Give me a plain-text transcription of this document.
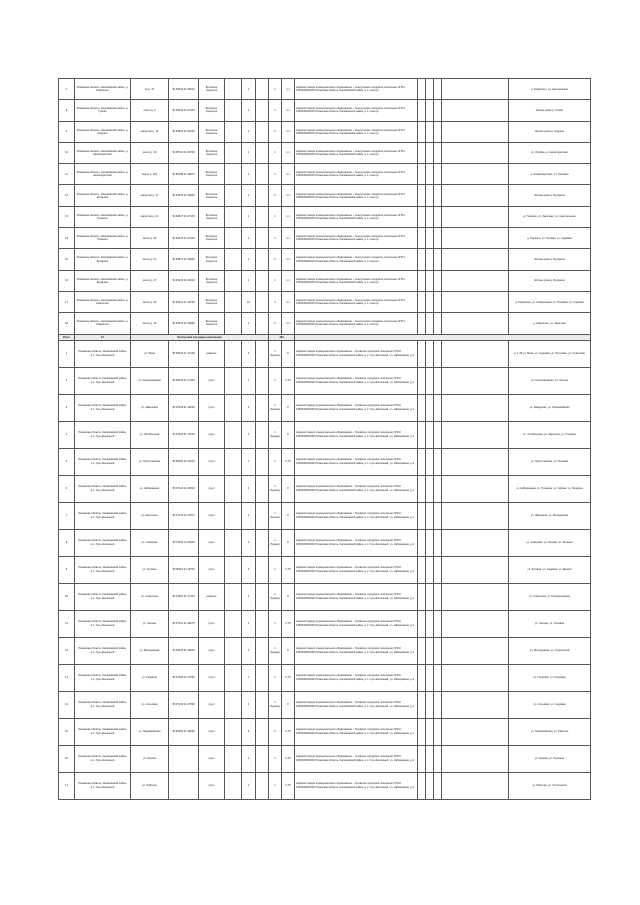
7	Рязанская область, Касимовский район, д. Ковригино	за д. 76	54.93436 41.39912	Бетонное покрытие		1		2	1,1	Администрация муниципального образования – Сынтульское городское поселение ОГРН 1056206000215 Рязанская область, Касимовский район, р.п. Сынтул					д. Ковригино, ул. Центральная
8	Рязанская область, Касимовский район, д. Гусево	около д. 5	54.93943 41.37444	Бетонное покрытие		1		1	1,1	Администрация муниципального образования – Сынтульское городское поселение ОГРН 1056206000215 Рязанская область, Касимовский район, р.п. Сынтул					Жилые дома д. Гусево
9	Рязанская область, Касимовский район, д. Кудрино	напротив д. 14	54.93993 41.30140	Бетонное покрытие		1		1	1,1	Администрация муниципального образования – Сынтульское городское поселение ОГРН 1056206000215 Рязанская область, Касимовский район, р.п. Сынтул					Жилые дома д. Кудрино
10	Рязанская область, Касимовский район, д. Анемподистово	около д. 10	54.95722 41.33706	Бетонное покрытие		1		1	1,1	Администрация муниципального образования – Сынтульское городское поселение ОГРН 1056206000215 Рязанская область, Касимовский район, р.п. Сынтул					ул. Луговая, д. Анемподистово
11	Рязанская область, Касимовский район, д. Анемподистово	около д. 115	54.95788 41.29874	Бетонное покрытие		1		1	1,1	Администрация муниципального образования – Сынтульское городское поселение ОГРН 1056206000215 Рязанская область, Касимовский район, р.п. Сынтул					д. Анемподистово, ул. Полевая
12	Рязанская область, Касимовский район, д. Бухарино	напротив д. 17	54.94093 41.29905	Бетонное покрытие		1		1	1,1	Администрация муниципального образования – Сынтульское городское поселение ОГРН 1056206000215 Рязанская область, Касимовский район, р.п. Сынтул					Жилые дома д. Бухарино
13	Рязанская область, Касимовский район, д. Перкино	напротив д. 21	54.93627 41.27105	Бетонное покрытие		1		1	1,1	Администрация муниципального образования – Сынтульское городское поселение ОГРН 1056206000215 Рязанская область, Касимовский район, р.п. Сынтул					д. Перкино, ул. Заречная, ул. Центральная
14	Рязанская область, Касимовский район, д. Перкино	около д. 28	54.93425 41.27040	Бетонное покрытие		1		1	1,1	Администрация муниципального образования – Сынтульское городское поселение ОГРН 1056206000215 Рязанская область, Касимовский район, р.п. Сынтул					д. Перкино, ул. Луговая, ул. Садовая
15	Рязанская область, Касимовский район, д. Бухарино	около д. 21	54.95874 41.30046	Бетонное покрытие		1		1	1,1	Администрация муниципального образования – Сынтульское городское поселение ОГРН 1056206000215 Рязанская область, Касимовский район, р.п. Сынтул					Жилые дома д. Бухарино
16	Рязанская область, Касимовский район, д. Бухарино	около д. 27	54.93240 41.30440	Бетонное покрытие		1		1	1,1	Администрация муниципального образования – Сынтульское городское поселение ОГРН 1056206000215 Рязанская область, Касимовский район, р.п. Сынтул					Жилые дома д. Бухарино
17	Рязанская область, Касимовский район, д. Ковригино	около д. 20	54.93412 41.29790	Бетонное покрытие		12		4	1,1	Администрация муниципального образования – Сынтульское городское поселение ОГРН 1056206000215 Рязанская область, Касимовский район, р.п. Сынтул					д. Ковригино, ул. Набережная, ул. Полевая, ул. Садовая
18	Рязанская область, Касимовский район, д. Ковригино	около д. 16	54.93433 41.29936	Бетонное покрытие		1		2	1,1	Администрация муниципального образования – Сынтульское городское поселение ОГРН 1056206000215 Рязанская область, Касимовский район, р.п. Сынтул					д. Ковригино, ул. Заречная
Итого	12	Реестровая площадка накопления						160							
1	Рязанская область, Касимовский район, р.п. Гусь-Железный	ул. Мира	55.06433 41.17108	асфальт		4		1 (бункер)	8	Администрация муниципального образования – Гусевское городское поселение ОГРН 1056206000246 Рязанская область, Касимовский район, р.п. Гусь-Железный, ул. Набережная, д.1					д. 1-49 ул. Мира, ул. Садовая, ул. Почтовая, ул. Советская
2	Рязанская область, Касимовский район, р.п. Гусь-Железный	ул. Кооперативная	55.06542 41.17444	грунт		1		1	0,75	Администрация муниципального образования – Гусевское городское поселение ОГРН 1056206000246 Рязанская область, Касимовский район, р.п. Гусь-Железный, ул. Набережная, д.1					ул. Кооперативная, ул. Лесная
3	Рязанская область, Касимовский район, р.п. Гусь-Железный	ул. Заводская	55.07218 41.18226	грунт		4		1 (бункер)	8	Администрация муниципального образования – Гусевское городское поселение ОГРН 1056206000246 Рязанская область, Касимовский район, р.п. Гусь-Железный, ул. Набережная, д.1					ул. Заводская, ул. Первомайская
4	Рязанская область, Касимовский район, р.п. Гусь-Железный	ул. Октябрьская	55.07206 41.17615	грунт		4		1 (бункер)	8	Администрация муниципального образования – Гусевское городское поселение ОГРН 1056206000246 Рязанская область, Касимовский район, р.п. Гусь-Железный, ул. Набережная, д.1					ул. Октябрьская, ул. Заречная, ул. Полевая
5	Рязанская область, Касимовский район, р.п. Гусь-Железный	ул. Пролетарская	55.06650 41.16414	грунт		1		1	0,75	Администрация муниципального образования – Гусевское городское поселение ОГРН 1056206000246 Рязанская область, Касимовский район, р.п. Гусь-Железный, ул. Набережная, д.1					ул. Пролетарская, ул. Полевая
6	Рязанская область, Касимовский район, р.п. Гусь-Железный	ул. Набережная	55.07124 41.16820	грунт		4		1 (бункер)	8	Администрация муниципального образования – Гусевское городское поселение ОГРН 1056206000246 Рязанская область, Касимовский район, р.п. Гусь-Железный, ул. Набережная, д.1					ул. Набережная, ул. Пушкина, ул. Кирова, ул. Гагарина
7	Рязанская область, Касимовский район, р.п. Гусь-Железный	ул. Школьная	55.07133 41.17871	грунт		4		1 (бункер)	8	Администрация муниципального образования – Гусевское городское поселение ОГРН 1056206000246 Рязанская область, Касимовский район, р.п. Гусь-Железный, ул. Набережная, д.1					ул. Школьная, ул. Молодежная
8	Рязанская область, Касимовский район, р.п. Гусь-Железный	ул. Северная	55.07642 41.18115	грунт		4		1 (бункер)	8	Администрация муниципального образования – Гусевское городское поселение ОГРН 1056206000246 Рязанская область, Касимовский район, р.п. Гусь-Железный, ул. Набережная, д.1					ул. Северная, ул. Лесная, ул. Зеленая
9	Рязанская область, Касимовский район, р.п. Гусь-Железный	ул. Луговая	55.06115 41.16750	грунт		3		2	0,75	Администрация муниципального образования – Гусевское городское поселение ОГРН 1056206000246 Рязанская область, Касимовский район, р.п. Гусь-Железный, ул. Набережная, д.1					ул. Луговая, ул. Садовая, ул. Дачная
10	Рязанская область, Касимовский район, р.п. Гусь-Железный	ул. Советская	55.07000 41.17170	асфальт		4		1 (бункер)	8	Администрация муниципального образования – Гусевское городское поселение ОГРН 1056206000246 Рязанская область, Касимовский район, р.п. Гусь-Железный, ул. Набережная, д.1					ул. Советская, ул. Кооперативная
11	Рязанская область, Касимовский район, р.п. Гусь-Железный	ул. Лесная	55.07612 41.18275	грунт		1		1	0,75	Администрация муниципального образования – Гусевское городское поселение ОГРН 1056206000246 Рязанская область, Касимовский район, р.п. Гусь-Железный, ул. Набережная, д.1					ул. Лесная, ул. Полевая
12	Рязанская область, Касимовский район, р.п. Гусь-Железный	ул. Молодежная	55.06640 41.16940	грунт		4		1 (бункер)	8	Администрация муниципального образования – Гусевское городское поселение ОГРН 1056206000246 Рязанская область, Касимовский район, р.п. Гусь-Железный, ул. Набережная, д.1					ул. Молодежная, ул. Строителей
13	Рязанская область, Касимовский район, р.п. Гусь-Железный	ул. Гагарина	55.07190 41.17530	грунт		1		1	0,75	Администрация муниципального образования – Гусевское городское поселение ОГРН 1056206000246 Рязанская область, Касимовский район, р.п. Гусь-Железный, ул. Набережная, д.1					ул. Гагарина, ул. Сосновая
14	Рязанская область, Касимовский район, р.п. Гусь-Железный	ул. Сосновая	55.07130 41.17590	грунт		4		1 (бункер)	8	Администрация муниципального образования – Гусевское городское поселение ОГРН 1056206000246 Рязанская область, Касимовский район, р.п. Гусь-Железный, ул. Набережная, д.1					ул. Сосновая, ул. Садовая
15	Рязанская область, Касимовский район, р.п. Гусь-Железный	ул. Первомайская	55.06950 41.18030	грунт		3		2	0,75	Администрация муниципального образования – Гусевское городское поселение ОГРН 1056206000246 Рязанская область, Касимовский район, р.п. Гусь-Железный, ул. Набережная, д.1					ул. Первомайская, ул. Рабочая
16	Рязанская область, Касимовский район, р.п. Гусь-Железный	ул. Кирова		грунт		1		1	0,75	Администрация муниципального образования – Гусевское городское поселение ОГРН 1056206000246 Рязанская область, Касимовский район, р.п. Гусь-Железный, ул. Набережная, д.1					ул. Кирова, ул. Пушкина
17	Рязанская область, Касимовский район, р.п. Гусь-Железный	ул. Рабочая		грунт		1		1	0,75	Администрация муниципального образования – Гусевское городское поселение ОГРН 1056206000246 Рязанская область, Касимовский район, р.п. Гусь-Железный, ул. Набережная, д.1					ул. Рабочая, ул. Строителей
